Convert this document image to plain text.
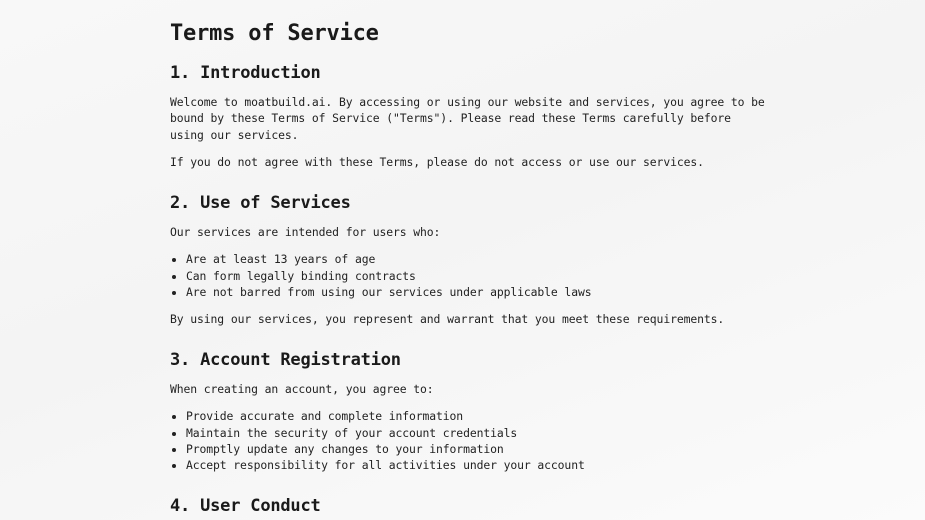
Terms of Service
1. Introduction

Welcome to moatbuild.ai. By accessing or using our website and services, you agree to be bound by these Terms of Service ("Terms"). Please read these Terms carefully before using our services.

If you do not agree with these Terms, please do not access or use our services.

2. Use of Services

Our services are intended for users who:

• Are at least 13 years of age
• Can form legally binding contracts
• Are not barred from using our services under applicable laws

By using our services, you represent and warrant that you meet these requirements.

3. Account Registration

When creating an account, you agree to:

• Provide accurate and complete information
• Maintain the security of your account credentials
• Promptly update any changes to your information
• Accept responsibility for all activities under your account
4. User Conduct
